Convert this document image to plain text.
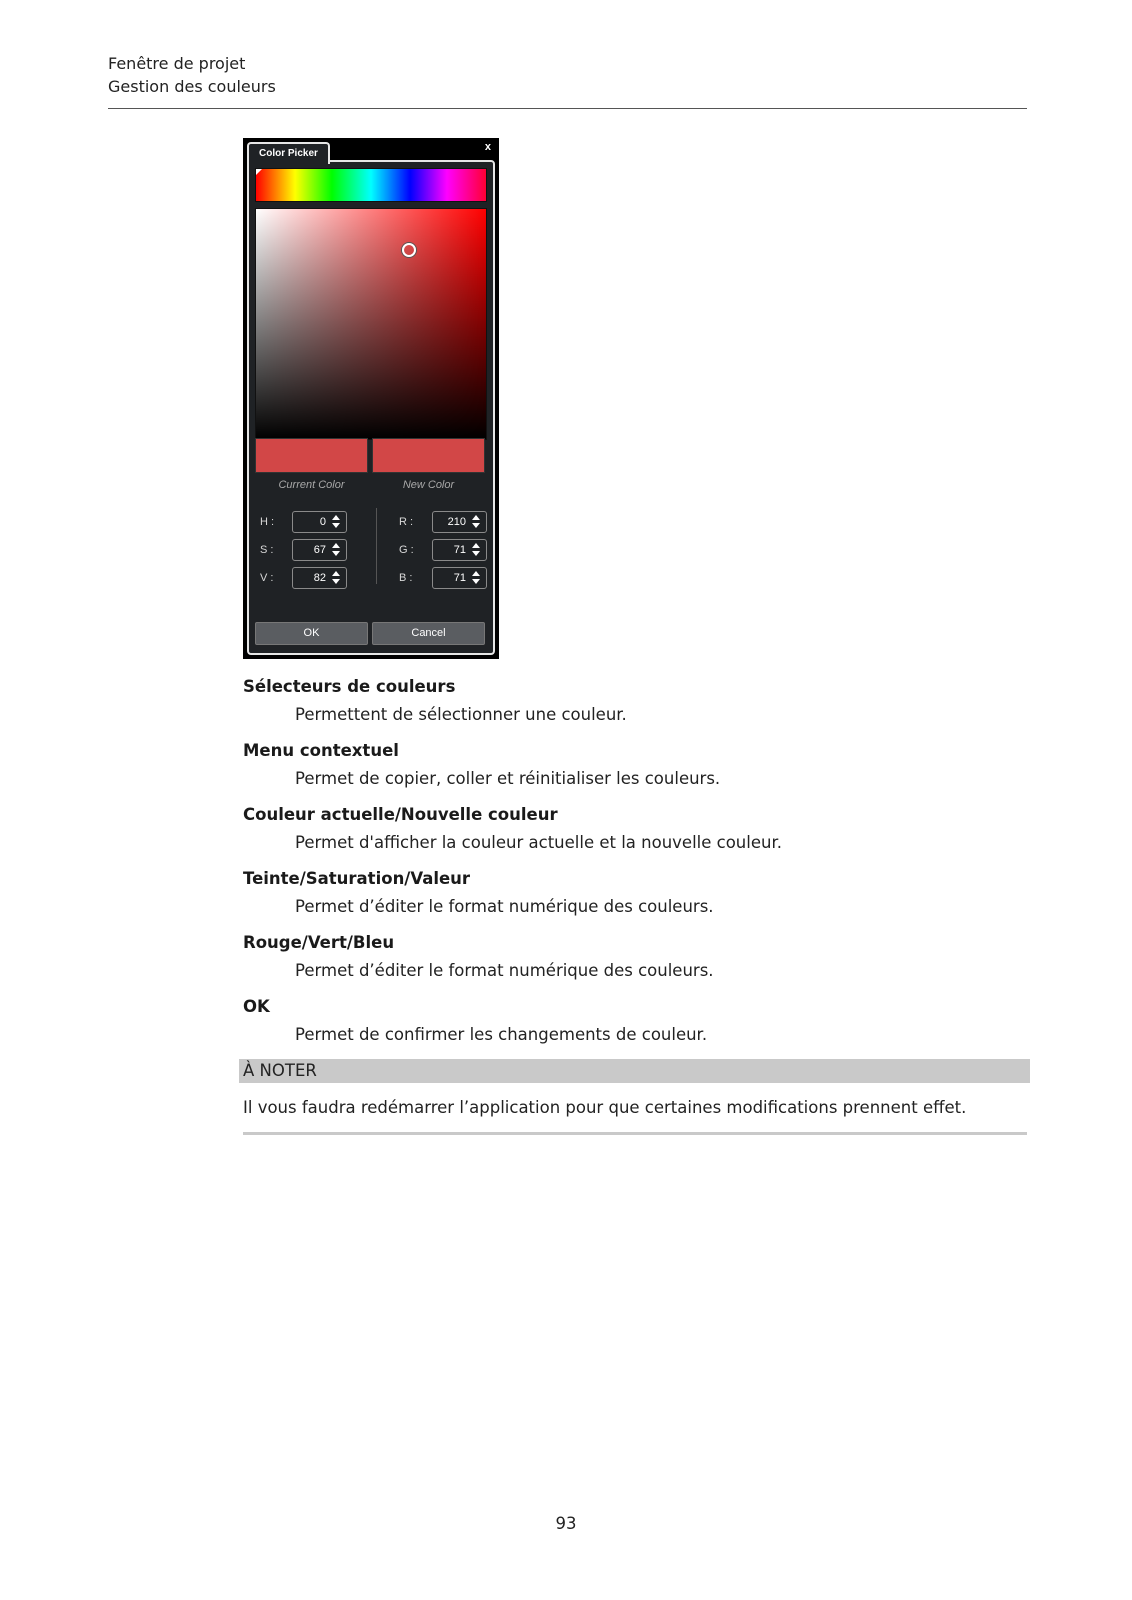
Fenêtre de projet
Gestion des couleurs
Color Picker
x
Current Color	New Color
H :	0
S :	67
V :	82
R :	210
G :	71
B :	71
OK	Cancel
Sélecteurs de couleurs
Permettent de sélectionner une couleur.
Menu contextuel
Permet de copier, coller et réinitialiser les couleurs.
Couleur actuelle/Nouvelle couleur
Permet d'afficher la couleur actuelle et la nouvelle couleur.
Teinte/Saturation/Valeur
Permet d’éditer le format numérique des couleurs.
Rouge/Vert/Bleu
Permet d’éditer le format numérique des couleurs.
OK
Permet de confirmer les changements de couleur.
À NOTER
Il vous faudra redémarrer l’application pour que certaines modifications prennent effet.
93
